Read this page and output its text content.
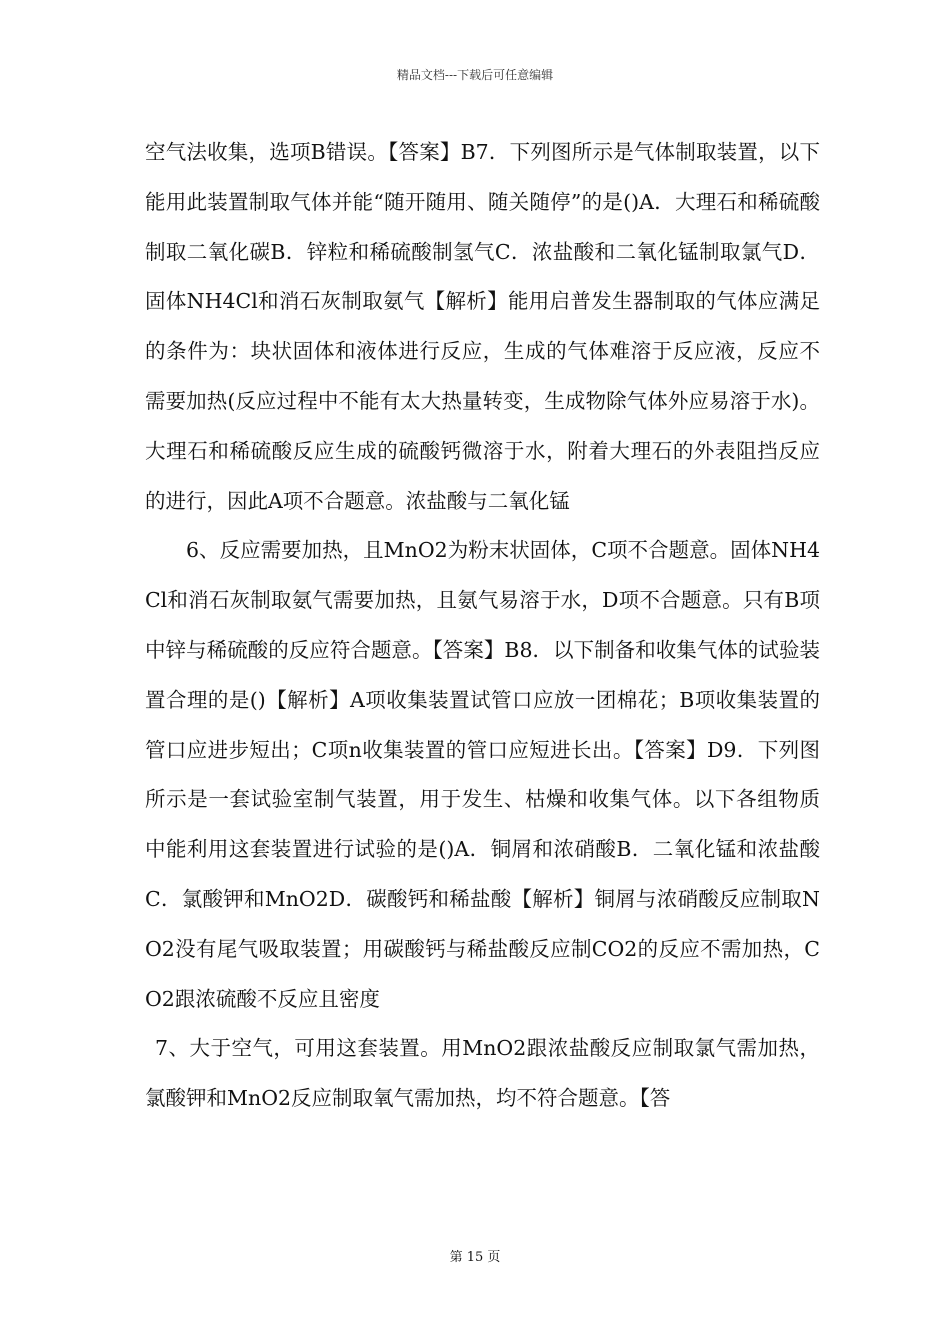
精品文档---下载后可任意编辑

空气法收集，选项B错误。【答案】B7．下列图所示是气体制取装置，以下能用此装置制取气体并能“随开随用、随关随停”的是()A．大理石和稀硫酸制取二氧化碳B．锌粒和稀硫酸制氢气C．浓盐酸和二氧化锰制取氯气D．固体NH4Cl和消石灰制取氨气【解析】能用启普发生器制取的气体应满足的条件为：块状固体和液体进行反应，生成的气体难溶于反应液，反应不需要加热(反应过程中不能有太大热量转变，生成物除气体外应易溶于水)。大理石和稀硫酸反应生成的硫酸钙微溶于水，附着大理石的外表阻挡反应的进行，因此A项不合题意。浓盐酸与二氧化锰

6、反应需要加热，且MnO2为粉末状固体，C项不合题意。固体NH4Cl和消石灰制取氨气需要加热，且氨气易溶于水，D项不合题意。只有B项中锌与稀硫酸的反应符合题意。【答案】B8．以下制备和收集气体的试验装置合理的是()【解析】A项收集装置试管口应放一团棉花；B项收集装置的管口应进步短出；C项n收集装置的管口应短进长出。【答案】D9．下列图所示是一套试验室制气装置，用于发生、枯燥和收集气体。以下各组物质中能利用这套装置进行试验的是()A．铜屑和浓硝酸B．二氧化锰和浓盐酸C．氯酸钾和MnO2D．碳酸钙和稀盐酸【解析】铜屑与浓硝酸反应制取NO2没有尾气吸取装置；用碳酸钙与稀盐酸反应制CO2的反应不需加热，CO2跟浓硫酸不反应且密度

7、大于空气，可用这套装置。用MnO2跟浓盐酸反应制取氯气需加热，氯酸钾和MnO2反应制取氧气需加热，均不符合题意。【答

第 15 页
